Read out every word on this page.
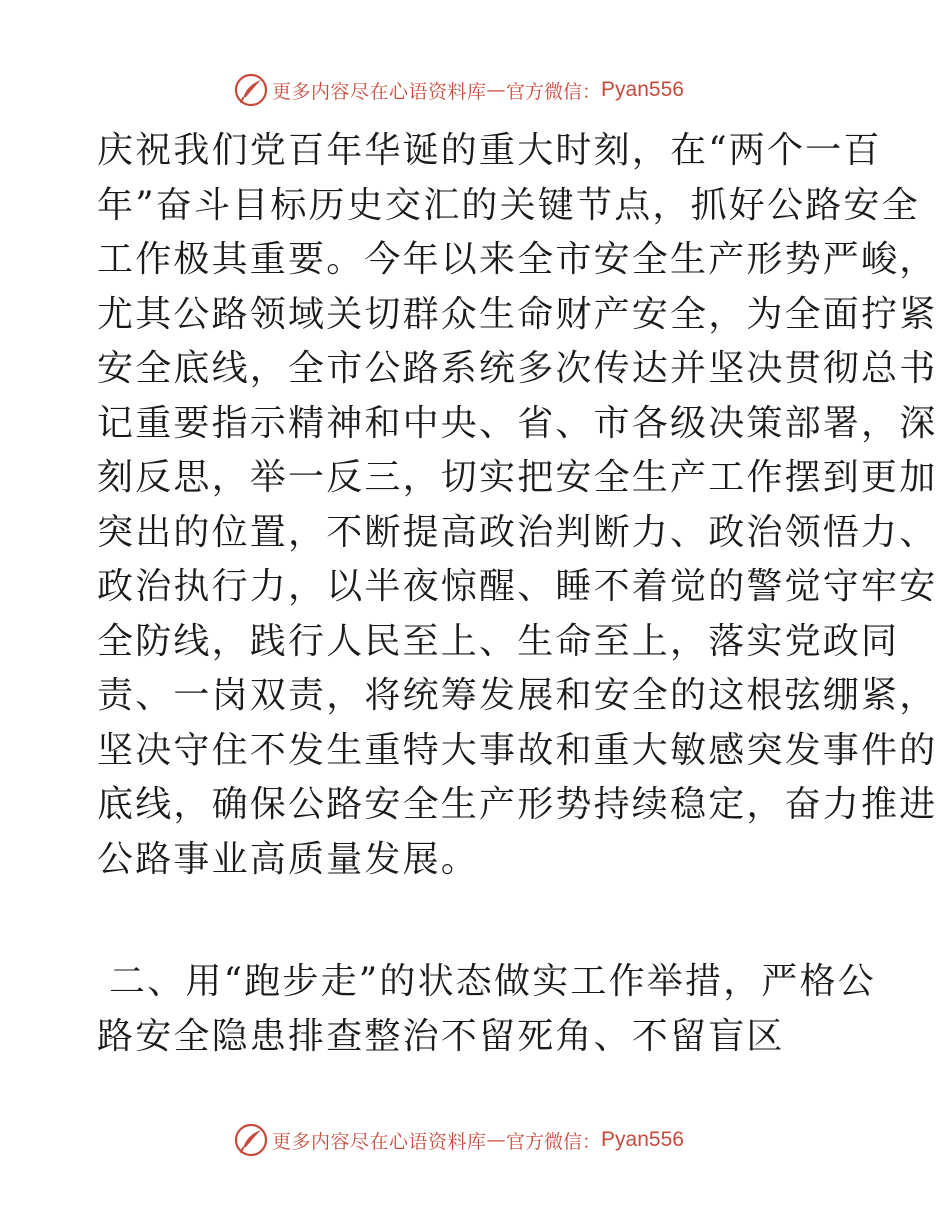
更多内容尽在心语资料库 — 官方微信： Pyan556
庆祝我们党百年华诞的重大时刻，在“两个一百
年”奋斗目标历史交汇的关键节点，抓好公路安全
工作极其重要。今年以来全市安全生产形势严峻，
尤其公路领域关切群众生命财产安全，为全面拧紧
安全底线，全市公路系统多次传达并坚决贯彻总书
记重要指示精神和中央、省、市各级决策部署，深
刻反思，举一反三，切实把安全生产工作摆到更加
突出的位置，不断提高政治判断力、政治领悟力、
政治执行力，以半夜惊醒、睡不着觉的警觉守牢安
全防线，践行人民至上、生命至上，落实党政同
责、一岗双责，将统筹发展和安全的这根弦绷紧，
坚决守住不发生重特大事故和重大敏感突发事件的
底线，确保公路安全生产形势持续稳定，奋力推进
公路事业高质量发展。
二、用“跑步走”的状态做实工作举措，严格公
路安全隐患排查整治不留死角、不留盲区
更多内容尽在心语资料库 — 官方微信： Pyan556
